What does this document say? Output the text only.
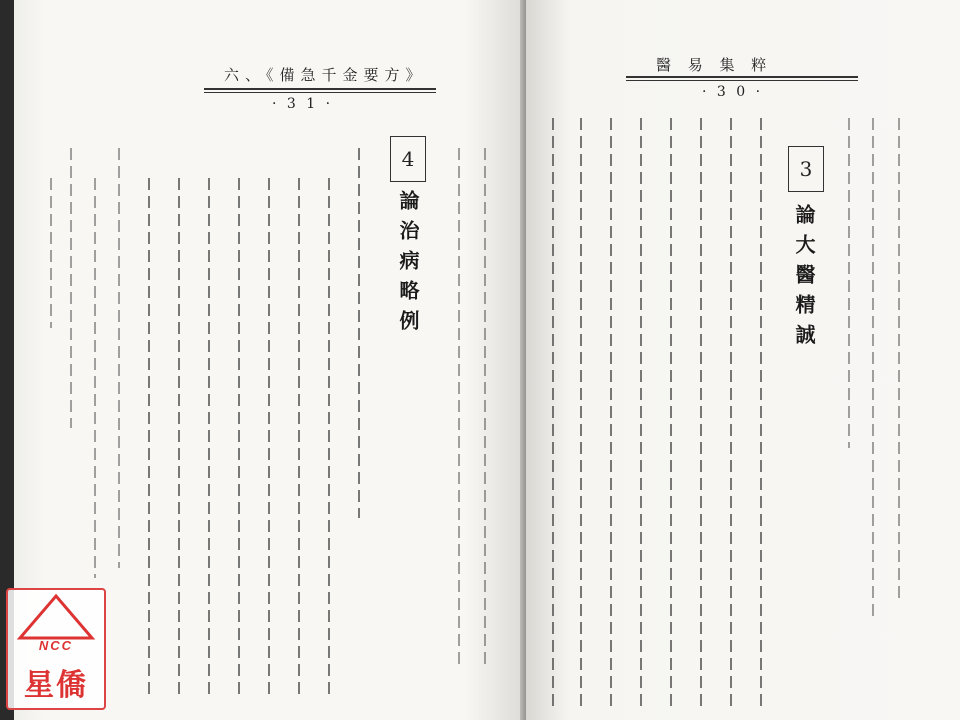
六、《備急千金要方》
· 3 1 ·
4
論治病略例
醫 易 集 粹
· 3 0 ·
3
論大醫精誠
NCC
星僑
